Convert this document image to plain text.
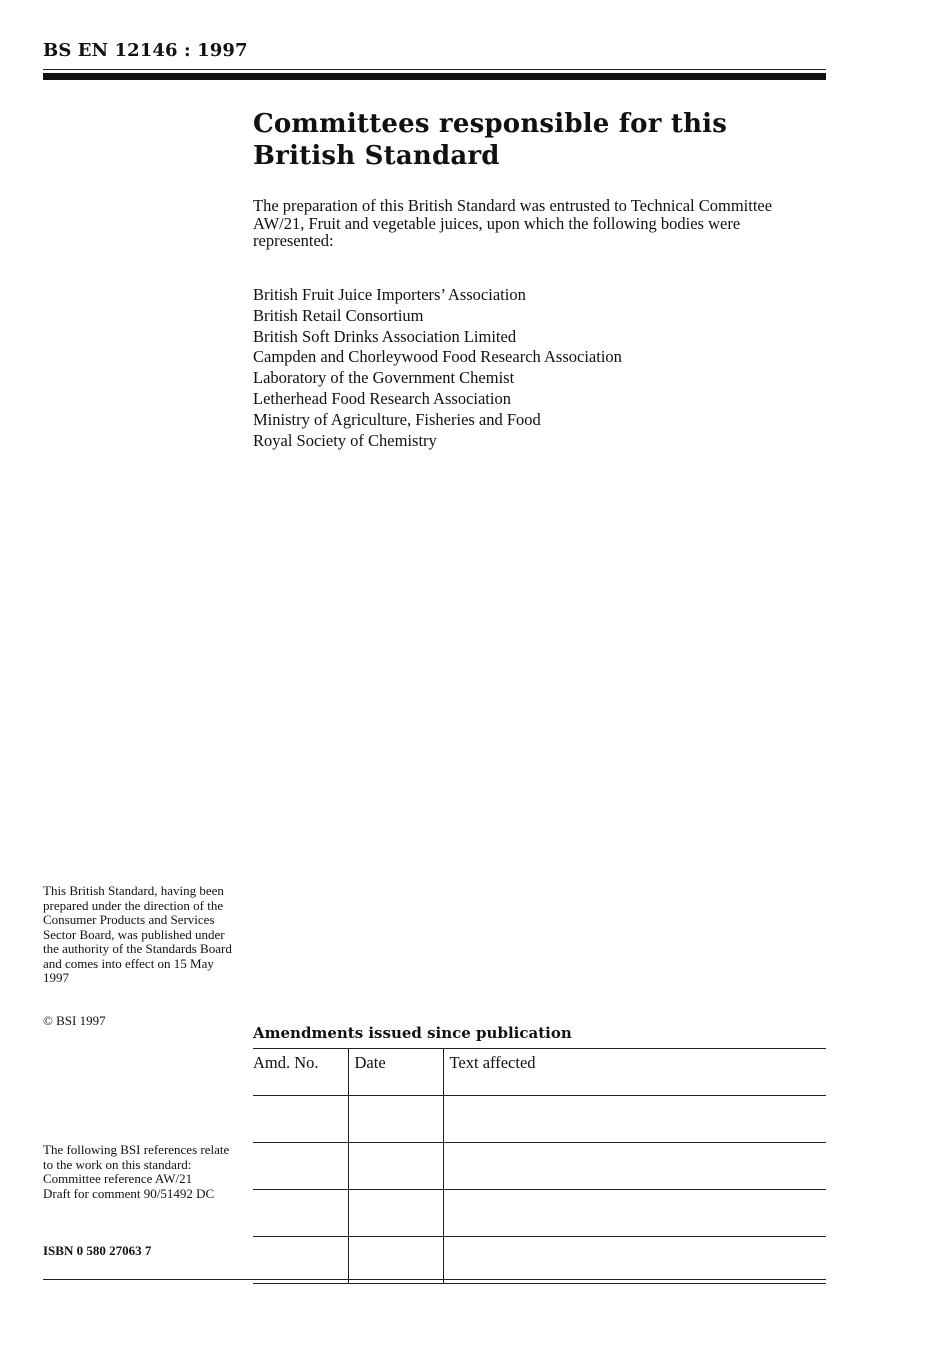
BS EN 12146 : 1997
Committees responsible for this
British Standard

The preparation of this British Standard was entrusted to Technical Committee AW/21, Fruit and vegetable juices, upon which the following bodies were represented:

British Fruit Juice Importers’ Association
British Retail Consortium
British Soft Drinks Association Limited
Campden and Chorleywood Food Research Association
Laboratory of the Government Chemist
Letherhead Food Research Association
Ministry of Agriculture, Fisheries and Food
Royal Society of Chemistry

This British Standard, having been prepared under the direction of the Consumer Products and Services Sector Board, was published under the authority of the Standards Board and comes into effect on 15 May 1997

© BSI 1997

The following BSI references relate to the work on this standard:
Committee reference AW/21
Draft for comment 90/51492 DC

ISBN 0 580 27063 7

Amendments issued since publication
Amd. No.	Date	Text affected
